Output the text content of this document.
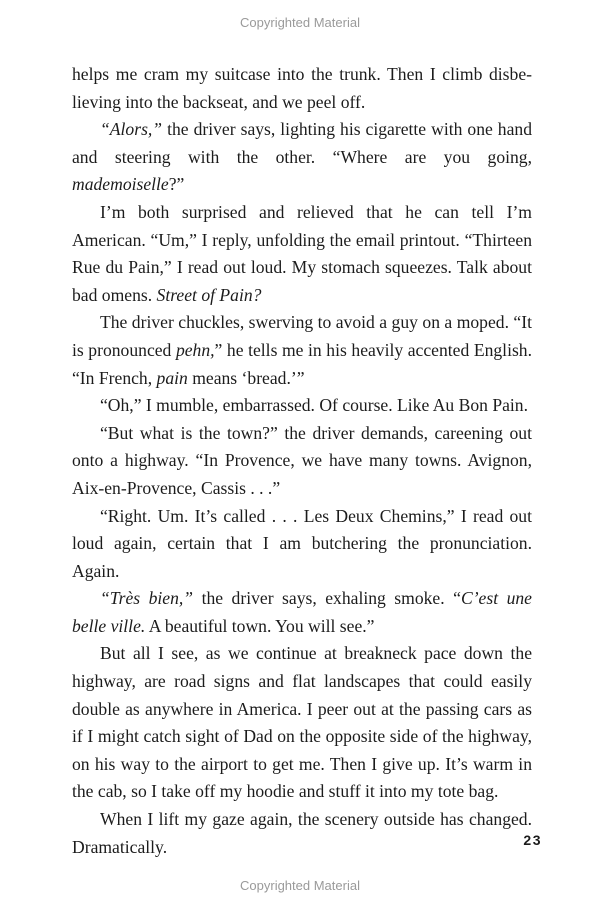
Copyrighted Material

helps me cram my suitcase into the trunk. Then I climb disbe- lieving into the backseat, and we peel off.

“Alors,” the driver says, lighting his cigarette with one hand and steering with the other. “Where are you going, mademoiselle?”

I’m both surprised and relieved that he can tell I’m American. “Um,” I reply, unfolding the email printout. “Thirteen Rue du Pain,” I read out loud. My stomach squeezes. Talk about bad omens. Street of Pain?

The driver chuckles, swerving to avoid a guy on a moped. “It is pronounced pehn,” he tells me in his heavily accented English. “In French, pain means ‘bread.’”

“Oh,” I mumble, embarrassed. Of course. Like Au Bon Pain.

“But what is the town?” the driver demands, careening out onto a highway. “In Provence, we have many towns. Avignon, Aix-en-Provence, Cassis . . .”

“Right. Um. It’s called . . . Les Deux Chemins,” I read out loud again, certain that I am butchering the pronunciation. Again.

“Très bien,” the driver says, exhaling smoke. “C’est une belle ville. A beautiful town. You will see.”

But all I see, as we continue at breakneck pace down the highway, are road signs and flat landscapes that could easily double as anywhere in America. I peer out at the passing cars as if I might catch sight of Dad on the opposite side of the highway, on his way to the airport to get me. Then I give up. It’s warm in the cab, so I take off my hoodie and stuff it into my tote bag.

When I lift my gaze again, the scenery outside has changed. Dramatically.	23
Copyrighted Material
